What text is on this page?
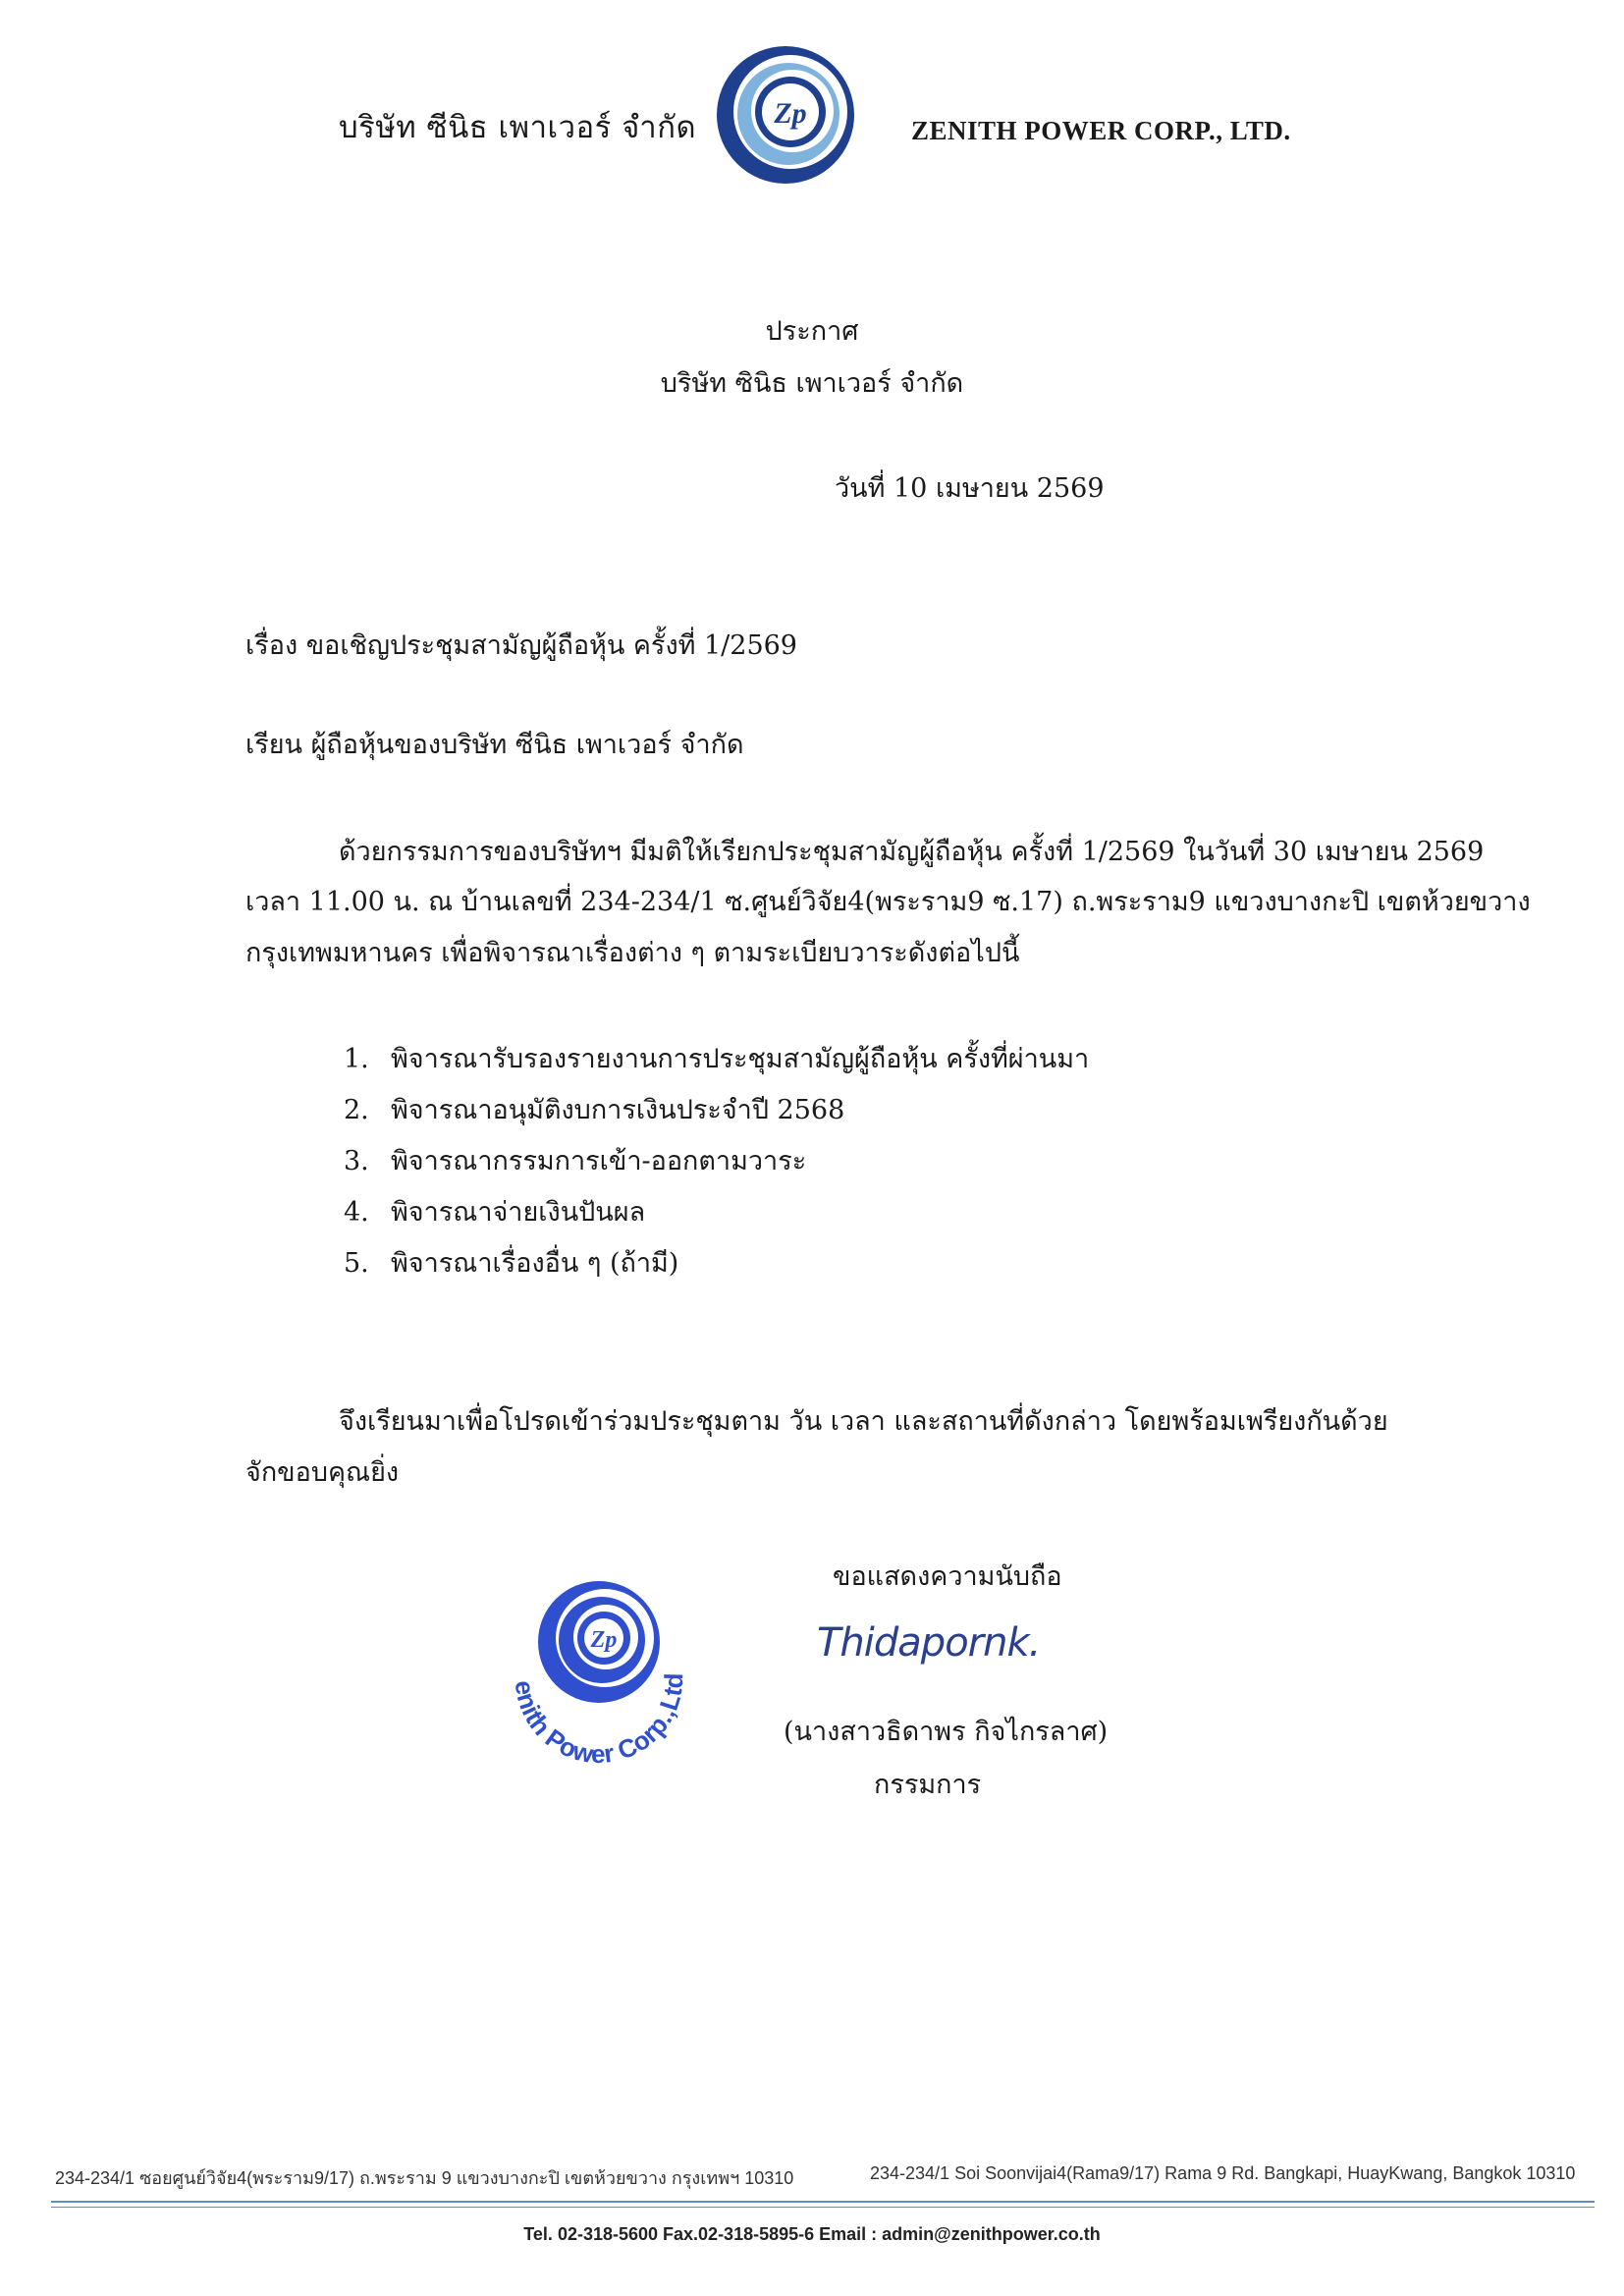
บริษัท ซีนิธ เพาเวอร์ จำกัด	Zp
ZENITH POWER CORP., LTD.
ประกาศ
บริษัท ซินิธ เพาเวอร์ จำกัด
วันที่ 10 เมษายน 2569
เรื่อง ขอเชิญประชุมสามัญผู้ถือหุ้น ครั้งที่ 1/2569
เรียน ผู้ถือหุ้นของบริษัท ซีนิธ เพาเวอร์ จำกัด
ด้วยกรรมการของบริษัทฯ มีมติให้เรียกประชุมสามัญผู้ถือหุ้น ครั้งที่ 1/2569 ในวันที่ 30 เมษายน 2569
เวลา 11.00 น. ณ บ้านเลขที่ 234-234/1 ซ.ศูนย์วิจัย4(พระราม9 ซ.17) ถ.พระราม9 แขวงบางกะปิ เขตห้วยขวาง
กรุงเทพมหานคร เพื่อพิจารณาเรื่องต่าง ๆ ตามระเบียบวาระดังต่อไปนี้
1. พิจารณารับรองรายงานการประชุมสามัญผู้ถือหุ้น ครั้งที่ผ่านมา
2. พิจารณาอนุมัติงบการเงินประจำปี 2568
3. พิจารณากรรมการเข้า-ออกตามวาระ
4. พิจารณาจ่ายเงินปันผล
5. พิจารณาเรื่องอื่น ๆ (ถ้ามี)
จึงเรียนมาเพื่อโปรดเข้าร่วมประชุมตาม วัน เวลา และสถานที่ดังกล่าว โดยพร้อมเพรียงกันด้วย
จักขอบคุณยิ่ง
ขอแสดงความนับถือ
Thidapornk.
(นางสาวธิดาพร กิจไกรลาศ)
กรรมการ
Zp
enith Power Corp.,Ltd
234-234/1 ซอยศูนย์วิจัย4(พระราม9/17) ถ.พระราม 9 แขวงบางกะปิ เขตห้วยขวาง กรุงเทพฯ 10310	234-234/1 Soi Soonvijai4(Rama9/17) Rama 9 Rd. Bangkapi, HuayKwang, Bangkok 10310
Tel. 02-318-5600 Fax.02-318-5895-6 Email : admin@zenithpower.co.th
